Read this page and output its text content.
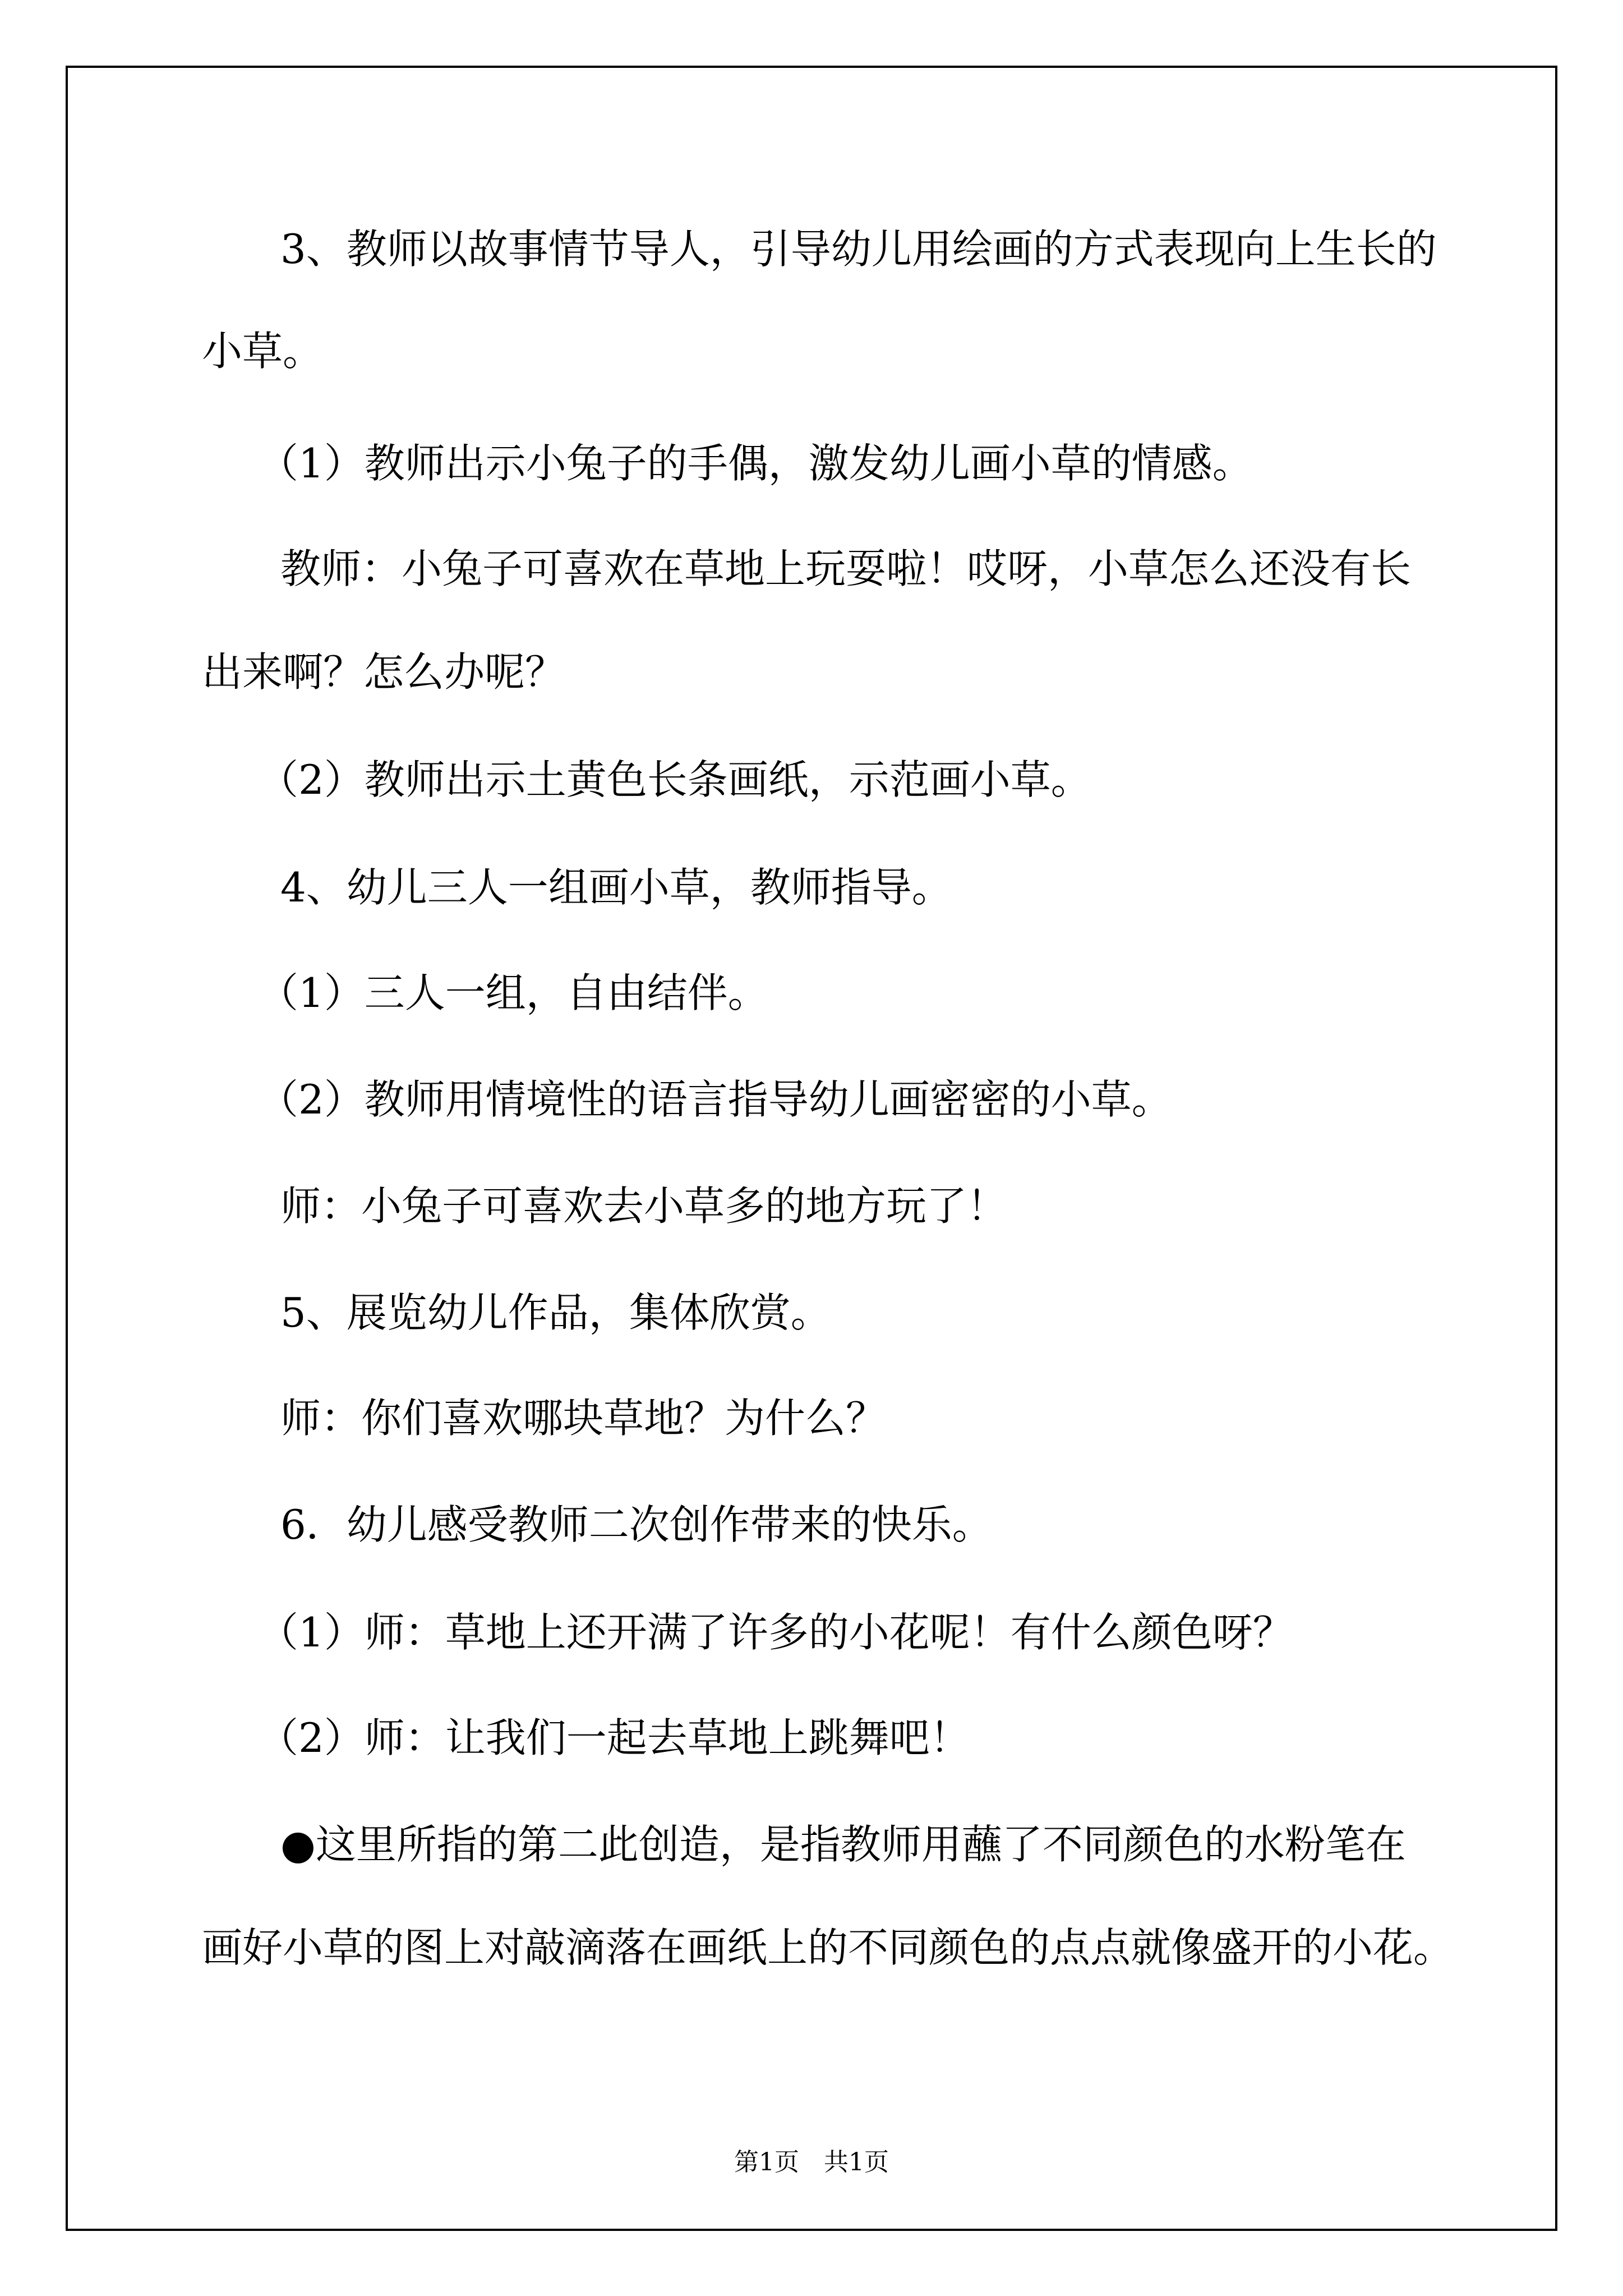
3、教师以故事情节导人，引导幼儿用绘画的方式表现向上生长的
小草。
（1）教师出示小兔子的手偶，激发幼儿画小草的情感。
教师：小兔子可喜欢在草地上玩耍啦！哎呀，小草怎么还没有长
出来啊？怎么办呢？
（2）教师出示土黄色长条画纸，示范画小草。
4、幼儿三人一组画小草，教师指导。
（1）三人一组，自由结伴。
（2）教师用情境性的语言指导幼儿画密密的小草。
师：小兔子可喜欢去小草多的地方玩了！
5、展览幼儿作品，集体欣赏。
师：你们喜欢哪块草地？为什么？
6．幼儿感受教师二次创作带来的快乐。
（1）师：草地上还开满了许多的小花呢！有什么颜色呀？
（2）师：让我们一起去草地上跳舞吧！
●这里所指的第二此创造，是指教师用蘸了不同颜色的水粉笔在
画好小草的图上对敲滴落在画纸上的不同颜色的点点就像盛开的小花。
第1页　共1页
